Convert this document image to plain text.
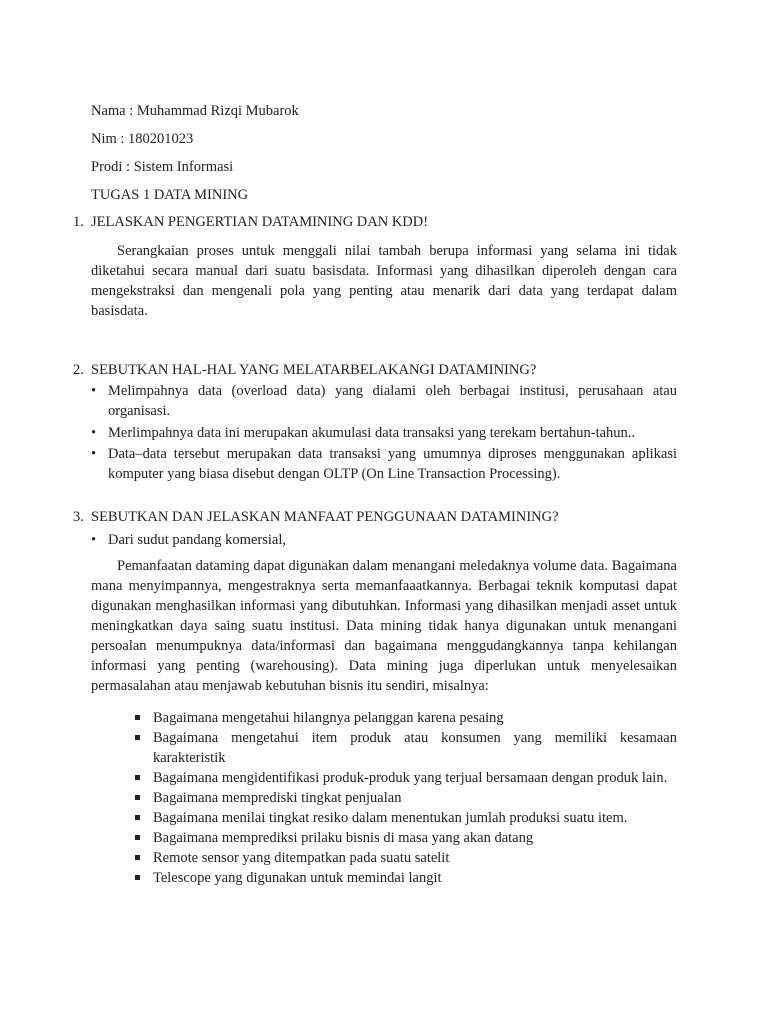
Nama : Muhammad Rizqi Mubarok
Nim : 180201023
Prodi : Sistem Informasi
TUGAS 1 DATA MINING
1. JELASKAN PENGERTIAN DATAMINING DAN KDD!
Serangkaian proses untuk menggali nilai tambah berupa informasi yang selama ini tidak diketahui secara manual dari suatu basisdata. Informasi yang dihasilkan diperoleh dengan cara mengekstraksi dan mengenali pola yang penting atau menarik dari data yang terdapat dalam basisdata.
2. SEBUTKAN HAL-HAL YANG MELATARBELAKANGI DATAMINING?
• Melimpahnya data (overload data) yang dialami oleh berbagai institusi, perusahaan atau organisasi.
• Merlimpahnya data ini merupakan akumulasi data transaksi yang terekam bertahun-tahun..
• Data–data tersebut merupakan data transaksi yang umumnya diproses menggunakan aplikasi komputer yang biasa disebut dengan OLTP (On Line Transaction Processing).
3. SEBUTKAN DAN JELASKAN MANFAAT PENGGUNAAN DATAMINING?
• Dari sudut pandang komersial,
Pemanfaatan dataming dapat digunakan dalam menangani meledaknya volume data. Bagaimana mana menyimpannya, mengestraknya serta memanfaaatkannya. Berbagai teknik komputasi dapat digunakan menghasilkan informasi yang dibutuhkan. Informasi yang dihasilkan menjadi asset untuk meningkatkan daya saing suatu institusi. Data mining tidak hanya digunakan untuk menangani persoalan menumpuknya data/informasi dan bagaimana menggudangkannya tanpa kehilangan informasi yang penting (warehousing). Data mining juga diperlukan untuk menyelesaikan permasalahan atau menjawab kebutuhan bisnis itu sendiri, misalnya:
Bagaimana mengetahui hilangnya pelanggan karena pesaing
Bagaimana mengetahui item produk atau konsumen yang memiliki kesamaan karakteristik
Bagaimana mengidentifikasi produk-produk yang terjual bersamaan dengan produk lain.
Bagaimana memprediski tingkat penjualan
Bagaimana menilai tingkat resiko dalam menentukan jumlah produksi suatu item.
Bagaimana memprediksi prilaku bisnis di masa yang akan datang
Remote sensor yang ditempatkan pada suatu satelit
Telescope yang digunakan untuk memindai langit
